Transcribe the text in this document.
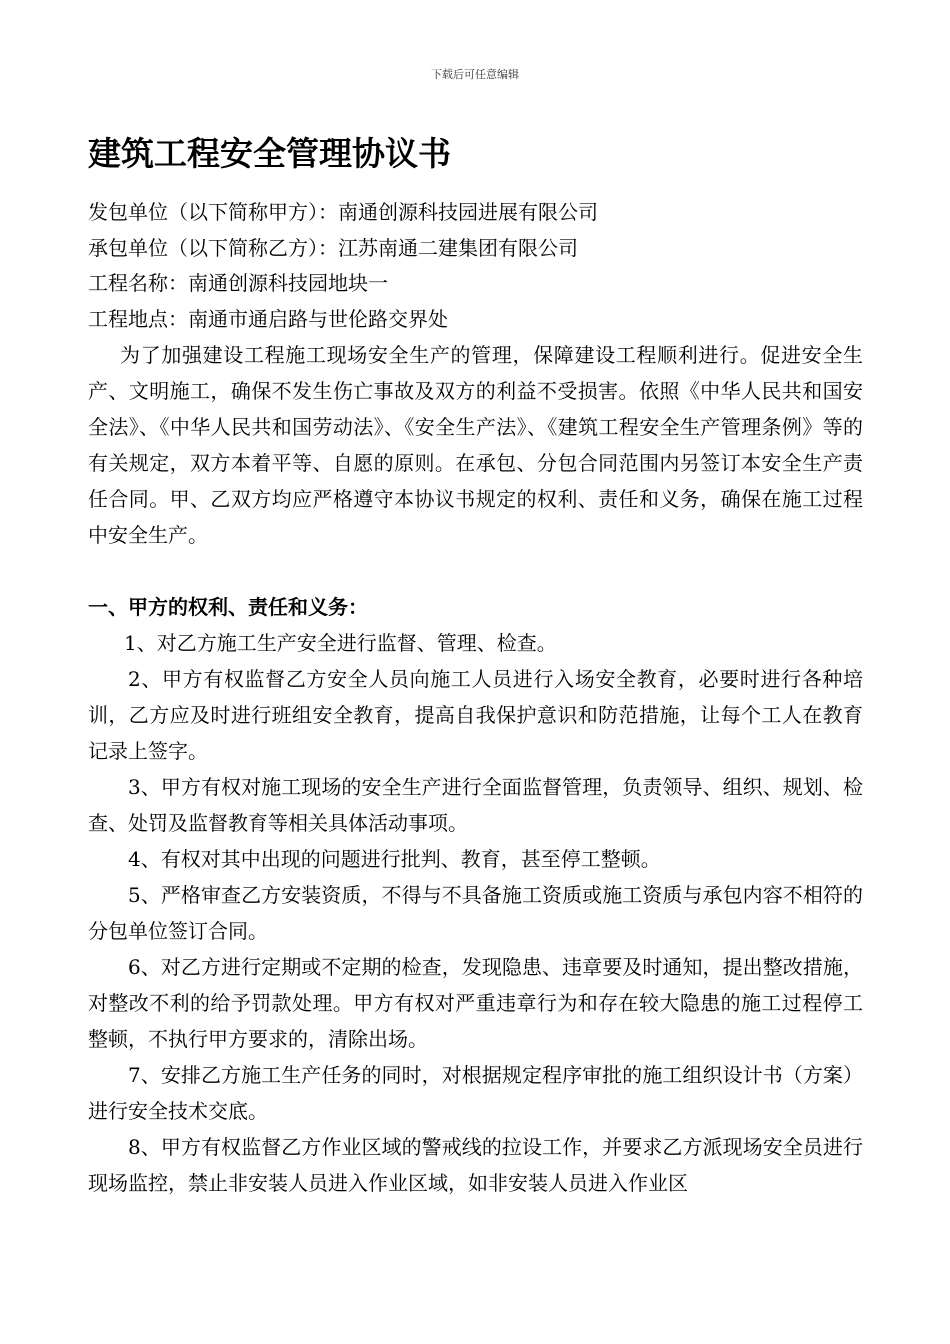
下载后可任意编辑
建筑工程安全管理协议书
发包单位（以下简称甲方）：南通创源科技园进展有限公司
承包单位（以下简称乙方）：江苏南通二建集团有限公司
工程名称：南通创源科技园地块一
工程地点：南通市通启路与世伦路交界处

为了加强建设工程施工现场安全生产的管理，保障建设工程顺利进行。促进安全生产、文明施工，确保不发生伤亡事故及双方的利益不受损害。依照《中华人民共和国安全法》、《中华人民共和国劳动法》、《安全生产法》、《建筑工程安全生产管理条例》等的有关规定，双方本着平等、自愿的原则。在承包、分包合同范围内另签订本安全生产责任合同。甲、乙双方均应严格遵守本协议书规定的权利、责任和义务，确保在施工过程中安全生产。

一、甲方的权利、责任和义务：

1、对乙方施工生产安全进行监督、管理、检查。

2、甲方有权监督乙方安全人员向施工人员进行入场安全教育，必要时进行各种培训，乙方应及时进行班组安全教育，提高自我保护意识和防范措施，让每个工人在教育记录上签字。

3、甲方有权对施工现场的安全生产进行全面监督管理，负责领导、组织、规划、检查、处罚及监督教育等相关具体活动事项。

4、有权对其中出现的问题进行批判、教育，甚至停工整顿。

5、严格审查乙方安装资质，不得与不具备施工资质或施工资质与承包内容不相符的分包单位签订合同。

6、对乙方进行定期或不定期的检查，发现隐患、违章要及时通知，提出整改措施，对整改不利的给予罚款处理。甲方有权对严重违章行为和存在较大隐患的施工过程停工整顿，不执行甲方要求的，清除出场。

7、安排乙方施工生产任务的同时，对根据规定程序审批的施工组织设计书（方案）进行安全技术交底。

8、甲方有权监督乙方作业区域的警戒线的拉设工作，并要求乙方派现场安全员进行现场监控，禁止非安装人员进入作业区域，如非安装人员进入作业区
